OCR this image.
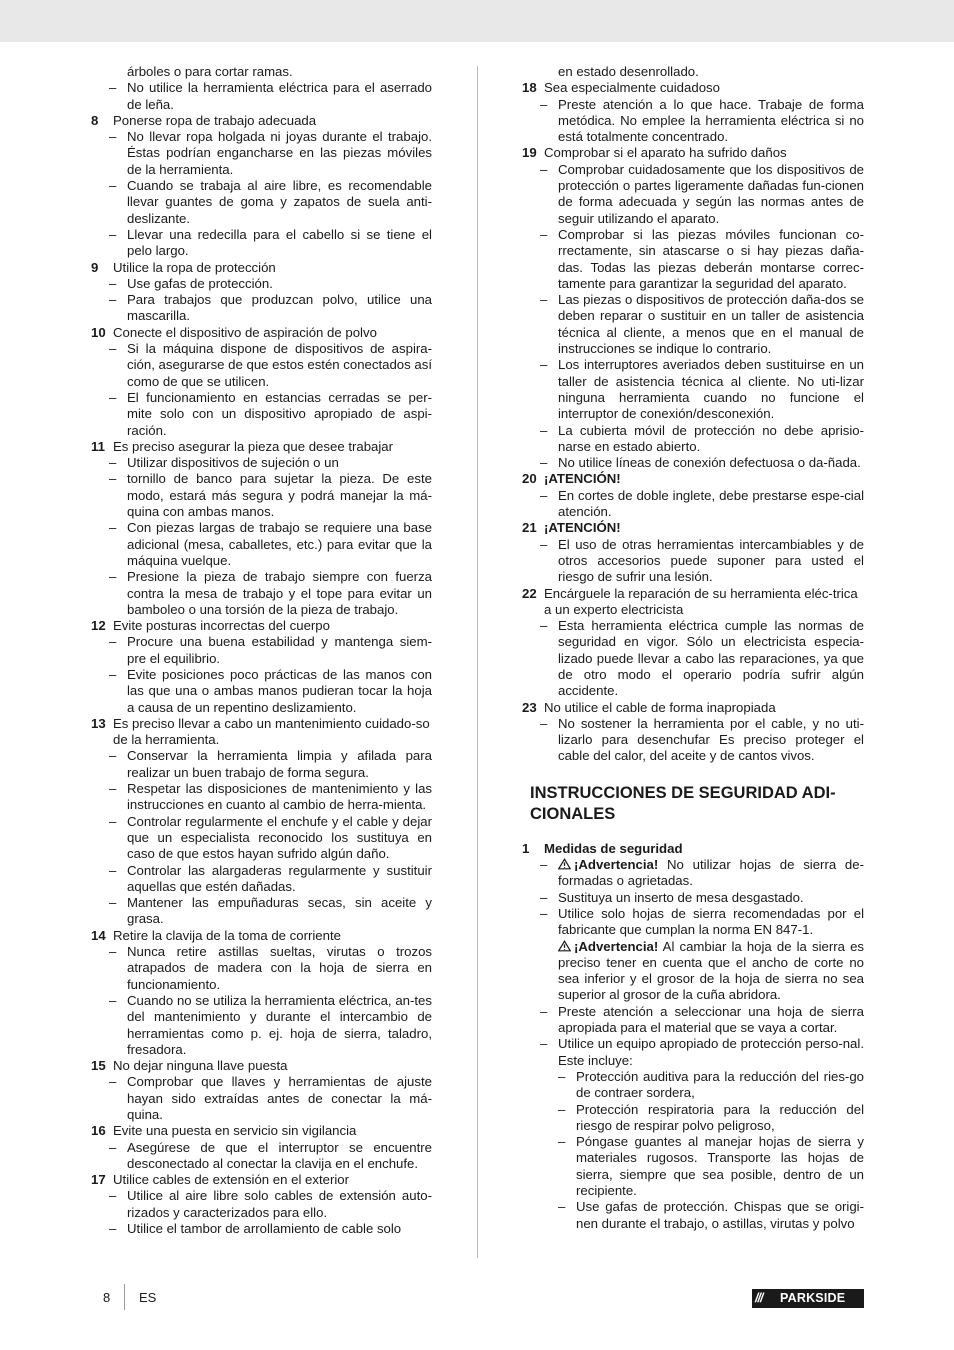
árboles o para cortar ramas.
– No utilice la herramienta eléctrica para el aserrado de leña.
8 Ponerse ropa de trabajo adecuada
– No llevar ropa holgada ni joyas durante el trabajo. Éstas podrían engancharse en las piezas móviles de la herramienta.
– Cuando se trabaja al aire libre, es recomendable llevar guantes de goma y zapatos de suela anti-deslizante.
– Llevar una redecilla para el cabello si se tiene el pelo largo.
9 Utilice la ropa de protección
– Use gafas de protección.
– Para trabajos que produzcan polvo, utilice una mascarilla.
10 Conecte el dispositivo de aspiración de polvo
– Si la máquina dispone de dispositivos de aspira-ción, asegurarse de que estos estén conectados así como de que se utilicen.
– El funcionamiento en estancias cerradas se per-mite solo con un dispositivo apropiado de aspi-ración.
11 Es preciso asegurar la pieza que desee trabajar
– Utilizar dispositivos de sujeción o un
– tornillo de banco para sujetar la pieza. De este modo, estará más segura y podrá manejar la má-quina con ambas manos.
– Con piezas largas de trabajo se requiere una base adicional (mesa, caballetes, etc.) para evitar que la máquina vuelque.
– Presione la pieza de trabajo siempre con fuerza contra la mesa de trabajo y el tope para evitar un bamboleo o una torsión de la pieza de trabajo.
12 Evite posturas incorrectas del cuerpo
– Procure una buena estabilidad y mantenga siem-pre el equilibrio.
– Evite posiciones poco prácticas de las manos con las que una o ambas manos pudieran tocar la hoja a causa de un repentino deslizamiento.
13 Es preciso llevar a cabo un mantenimiento cuidado-so de la herramienta.
– Conservar la herramienta limpia y afilada para realizar un buen trabajo de forma segura.
– Respetar las disposiciones de mantenimiento y las instrucciones en cuanto al cambio de herra-mienta.
– Controlar regularmente el enchufe y el cable y dejar que un especialista reconocido los sustituya en caso de que estos hayan sufrido algún daño.
– Controlar las alargaderas regularmente y sustituir aquellas que estén dañadas.
– Mantener las empuñaduras secas, sin aceite y grasa.
14 Retire la clavija de la toma de corriente
– Nunca retire astillas sueltas, virutas o trozos atrapados de madera con la hoja de sierra en funcionamiento.
– Cuando no se utiliza la herramienta eléctrica, an-tes del mantenimiento y durante el intercambio de herramientas como p. ej. hoja de sierra, taladro, fresadora.
15 No dejar ninguna llave puesta
– Comprobar que llaves y herramientas de ajuste hayan sido extraídas antes de conectar la má-quina.
16 Evite una puesta en servicio sin vigilancia
– Asegúrese de que el interruptor se encuentre desconectado al conectar la clavija en el enchufe.
17 Utilice cables de extensión en el exterior
– Utilice al aire libre solo cables de extensión auto-rizados y caracterizados para ello.
– Utilice el tambor de arrollamiento de cable solo
en estado desenrollado.
18 Sea especialmente cuidadoso
– Preste atención a lo que hace. Trabaje de forma metódica. No emplee la herramienta eléctrica si no está totalmente concentrado.
19 Comprobar si el aparato ha sufrido daños
– Comprobar cuidadosamente que los dispositivos de protección o partes ligeramente dañadas fun-cionen de forma adecuada y según las normas antes de seguir utilizando el aparato.
– Comprobar si las piezas móviles funcionan co-rrectamente, sin atascarse o si hay piezas daña-das. Todas las piezas deberán montarse correc-tamente para garantizar la seguridad del aparato.
– Las piezas o dispositivos de protección daña-dos se deben reparar o sustituir en un taller de asistencia técnica al cliente, a menos que en el manual de instrucciones se indique lo contrario.
– Los interruptores averiados deben sustituirse en un taller de asistencia técnica al cliente. No uti-lizar ninguna herramienta cuando no funcione el interruptor de conexión/desconexión.
– La cubierta móvil de protección no debe aprisio-narse en estado abierto.
– No utilice líneas de conexión defectuosa o da-ñada.
20 ¡ATENCIÓN!
– En cortes de doble inglete, debe prestarse espe-cial atención.
21 ¡ATENCIÓN!
– El uso de otras herramientas intercambiables y de otros accesorios puede suponer para usted el riesgo de sufrir una lesión.
22 Encárguele la reparación de su herramienta eléc-trica a un experto electricista
– Esta herramienta eléctrica cumple las normas de seguridad en vigor. Sólo un electricista especia-lizado puede llevar a cabo las reparaciones, ya que de otro modo el operario podría sufrir algún accidente.
23 No utilice el cable de forma inapropiada
– No sostener la herramienta por el cable, y no uti-lizarlo para desenchufar Es preciso proteger el cable del calor, del aceite y de cantos vivos.
INSTRUCCIONES DE SEGURIDAD ADI-CIONALES
1 Medidas de seguridad
– ¡Advertencia! No utilizar hojas de sierra de-formadas o agrietadas.
– Sustituya un inserto de mesa desgastado.
– Utilice solo hojas de sierra recomendadas por el fabricante que cumplan la norma EN 847-1.
¡Advertencia! Al cambiar la hoja de la sierra es preciso tener en cuenta que el ancho de corte no sea inferior y el grosor de la hoja de sierra no sea superior al grosor de la cuña abridora.
– Preste atención a seleccionar una hoja de sierra apropiada para el material que se vaya a cortar.
– Utilice un equipo apropiado de protección perso-nal. Este incluye:
– Protección auditiva para la reducción del ries-go de contraer sordera,
– Protección respiratoria para la reducción del riesgo de respirar polvo peligroso,
– Póngase guantes al manejar hojas de sierra y materiales rugosos. Transporte las hojas de sierra, siempre que sea posible, dentro de un recipiente.
– Use gafas de protección. Chispas que se origi-nen durante el trabajo, o astillas, virutas y polvo
8 ES	/// PARKSIDE
